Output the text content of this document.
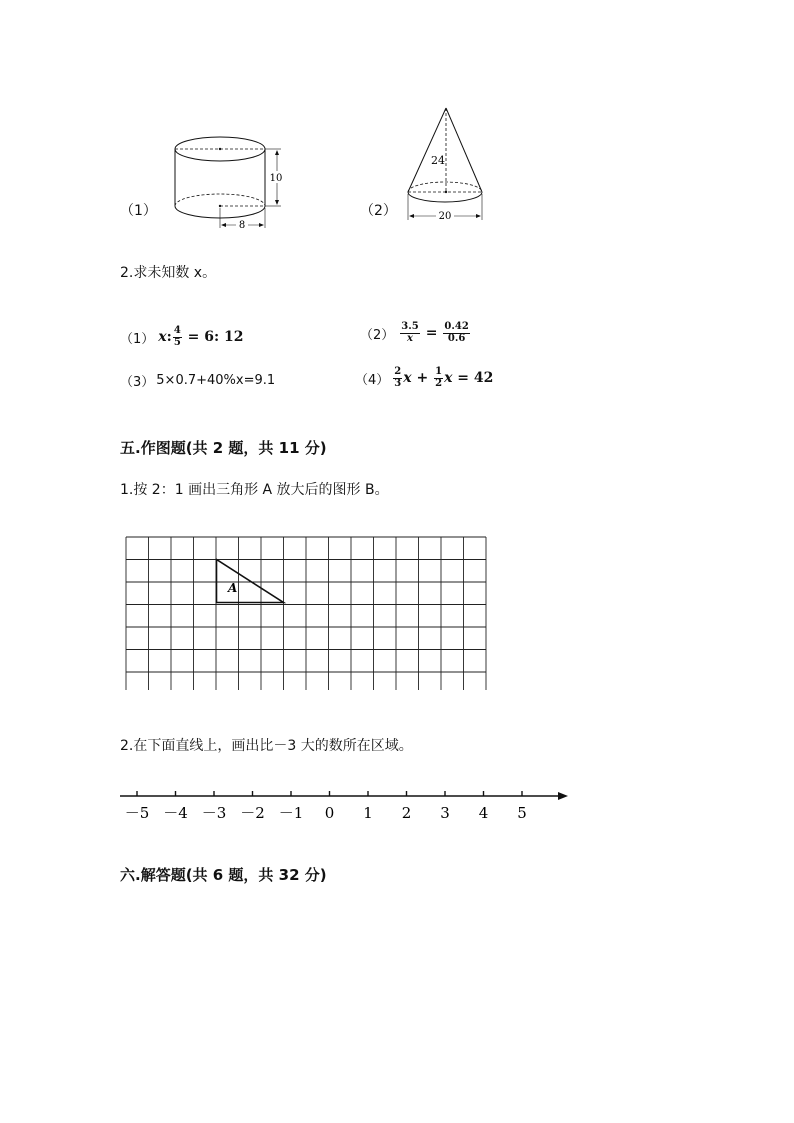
（1）
10
8
（2）
24
20
2.求未知数 x。
（1） x : $\frac{4}{5} = 6$: 12	$(2) \frac{3.5}{x} = \frac{0.42}{0.6}$
（3） 5×0.7+40%x=9.1	$(4) \frac{2}{3}$ $x + \frac{1}{2}$ x = 42
五.作图题(共 2 题，共 11 分)
1.按 2：1 画出三角形 A 放大后的图形 B。
A
2.在下面直线上，画出比－3 大的数所在区域。
－5 －4 －3 －2 －1 0 1 2 3 4 5
六.解答题(共 6 题，共 32 分)
